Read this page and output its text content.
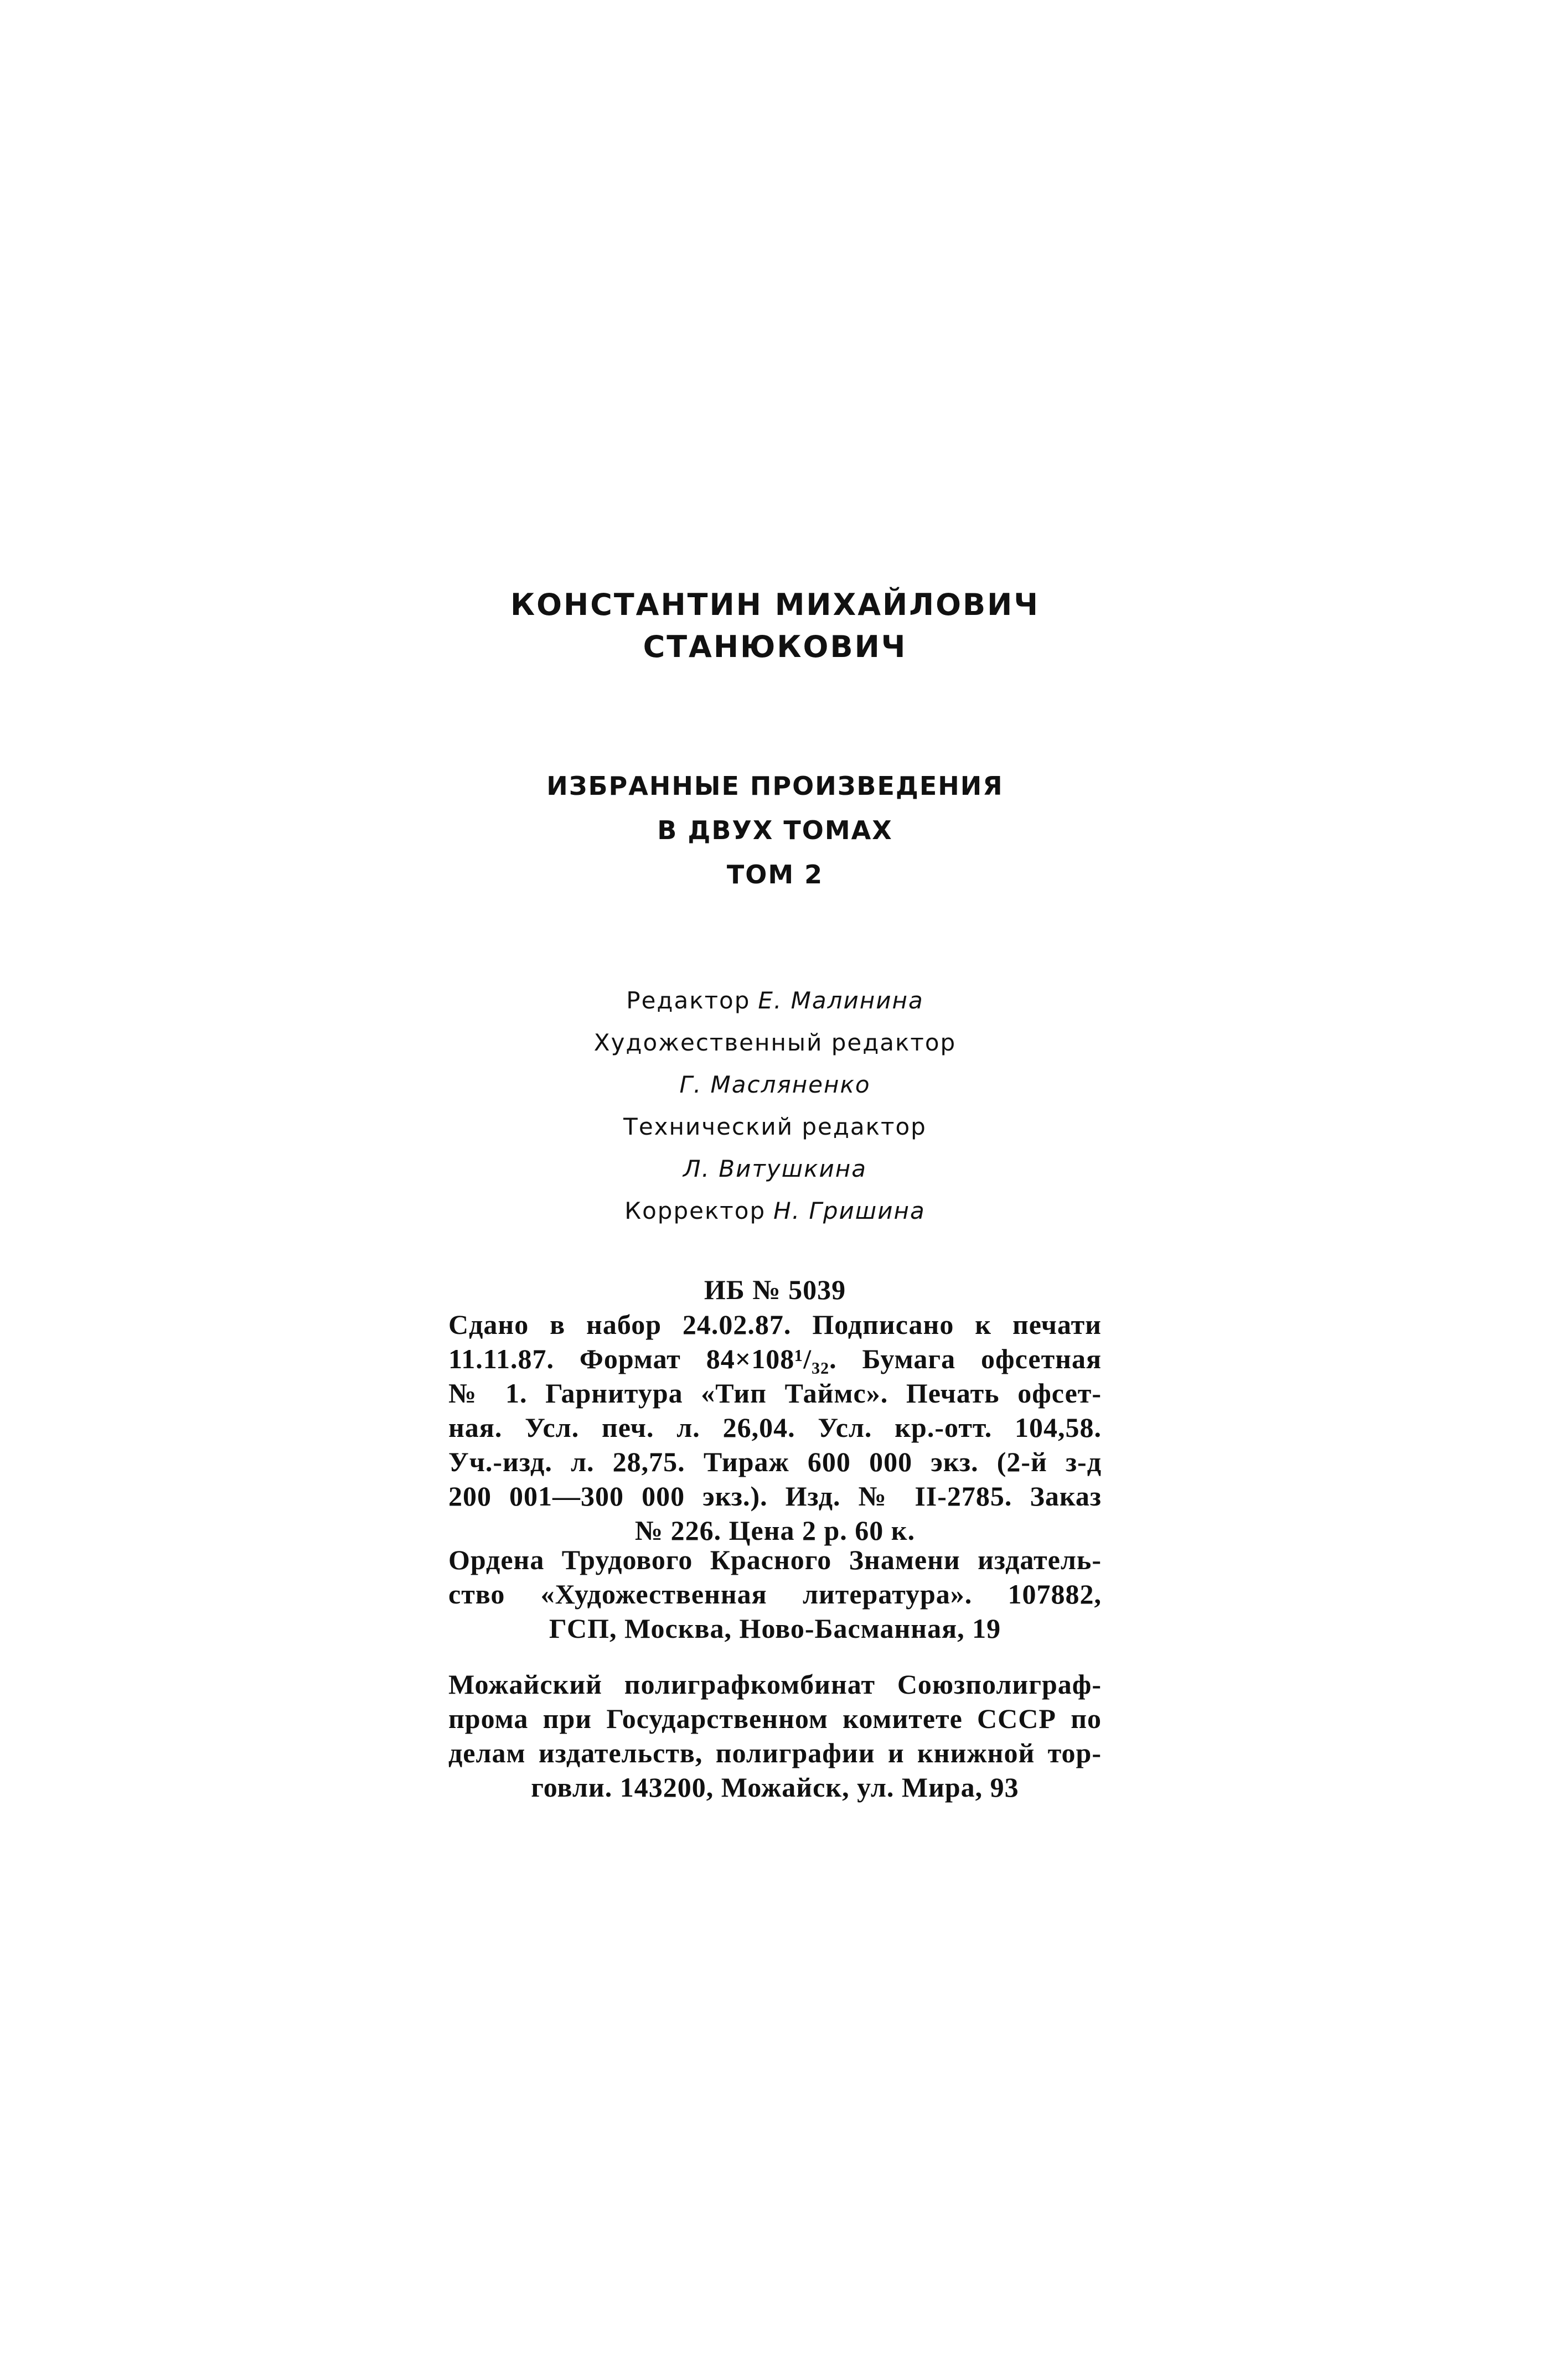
КОНСТАНТИН МИХАЙЛОВИЧ
СТАНЮКОВИЧ
ИЗБРАННЫЕ ПРОИЗВЕДЕНИЯ
В ДВУХ ТОМАХ
ТОМ 2
Редактор Е. Малинина
Художественный редактор
Г. Масляненко
Технический редактор
Л. Витушкина
Корректор Н. Гришина
ИБ № 5039
Сдано в набор 24.02.87. Подписано к печати
11.11.87. Формат 84×108¹/₃₂. Бумага офсетная
№ 1. Гарнитура «Тип Таймс». Печать офсет-
ная. Усл. печ. л. 26,04. Усл. кр.-отт. 104,58.
Уч.-изд. л. 28,75. Тираж 600 000 экз. (2-й з-д
200 001—300 000 экз.). Изд. № II-2785. Заказ
№ 226. Цена 2 р. 60 к.
Ордена Трудового Красного Знамени издатель-
ство «Художественная литература». 107882,
ГСП, Москва, Ново-Басманная, 19
Можайский полиграфкомбинат Союзполиграф-
прома при Государственном комитете СССР по
делам издательств, полиграфии и книжной тор-
говли. 143200, Можайск, ул. Мира, 93
